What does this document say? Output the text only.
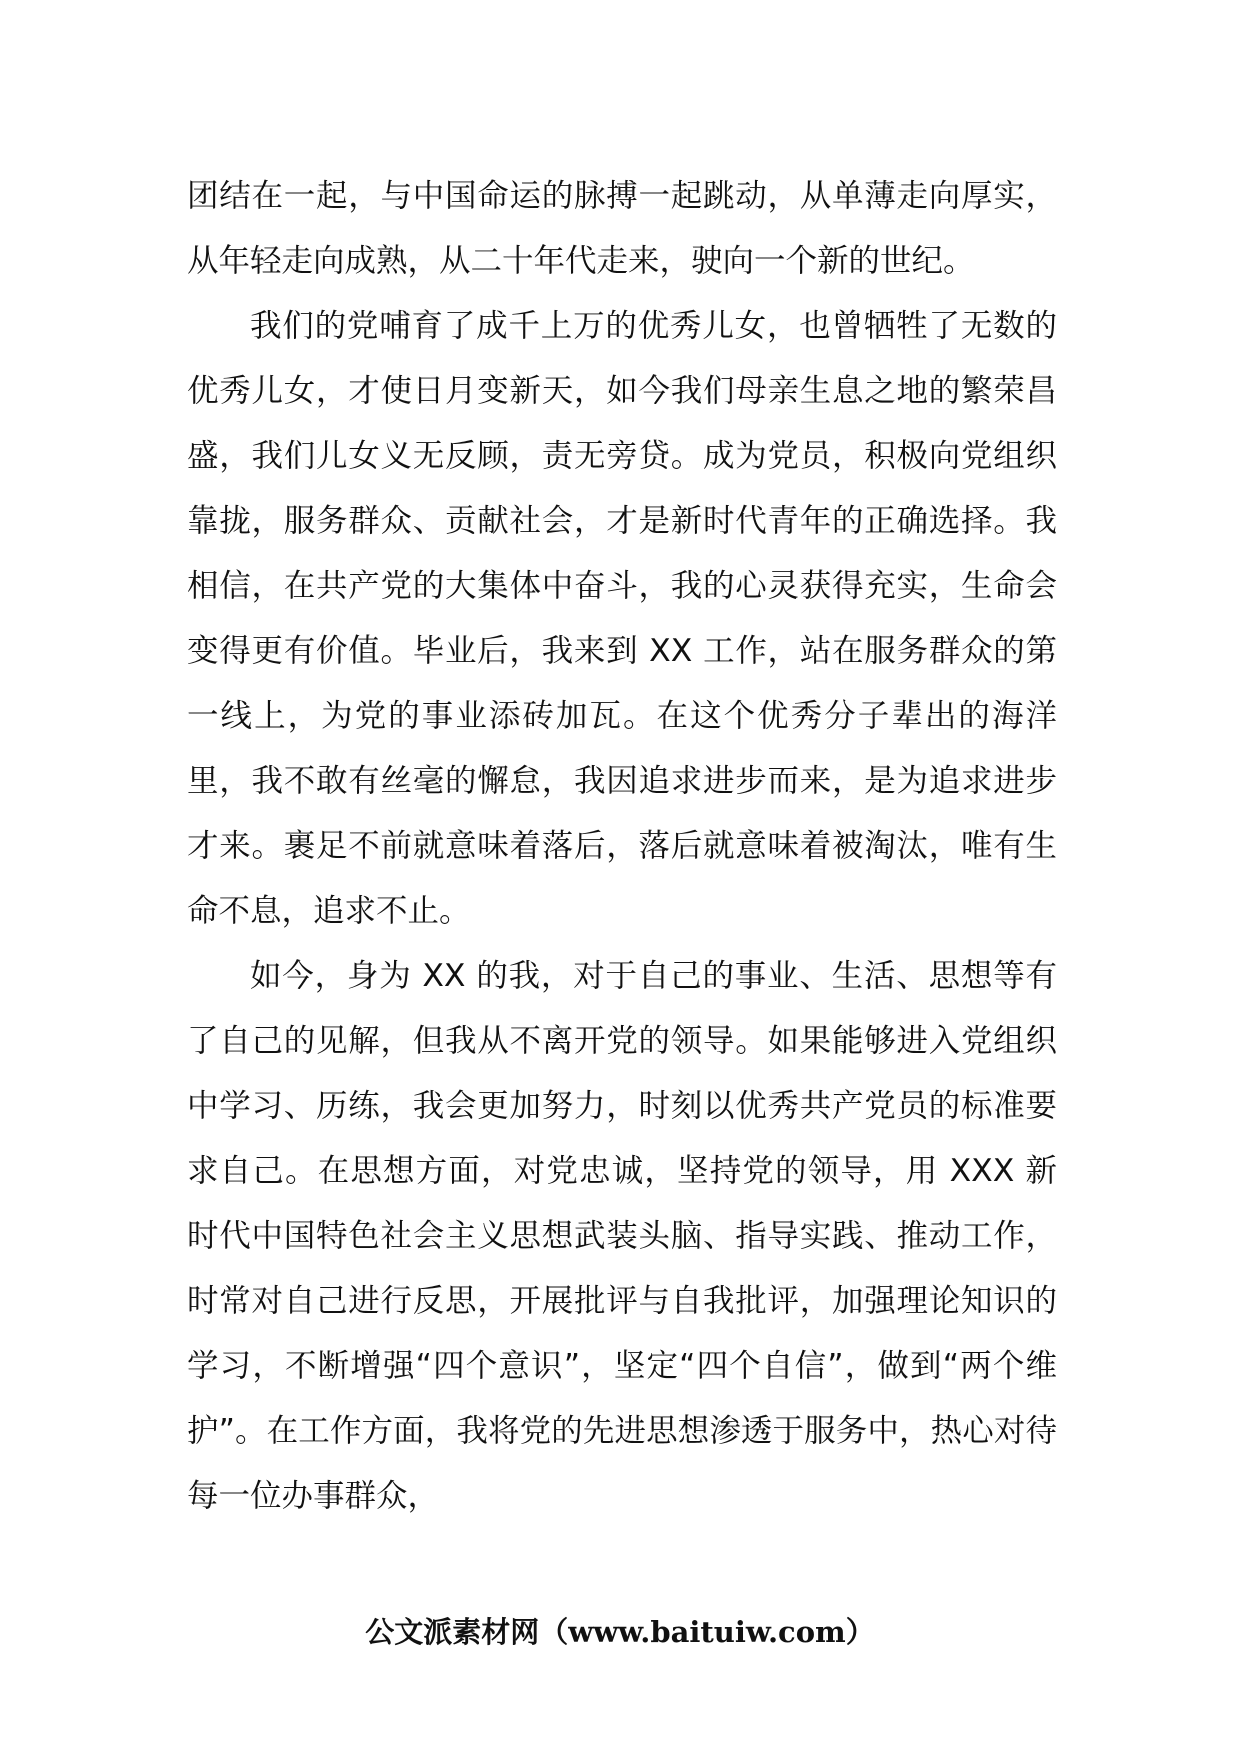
团结在一起，与中国命运的脉搏一起跳动，从单薄走向厚实，从年轻走向成熟，从二十年代走来，驶向一个新的世纪。

我们的党哺育了成千上万的优秀儿女，也曾牺牲了无数的优秀儿女，才使日月变新天，如今我们母亲生息之地的繁荣昌盛，我们儿女义无反顾，责无旁贷。成为党员，积极向党组织靠拢，服务群众、贡献社会，才是新时代青年的正确选择。我相信，在共产党的大集体中奋斗，我的心灵获得充实，生命会变得更有价值。毕业后，我来到 XX 工作，站在服务群众的第一线上，为党的事业添砖加瓦。在这个优秀分子辈出的海洋里，我不敢有丝毫的懈怠，我因追求进步而来，是为追求进步才来。裹足不前就意味着落后，落后就意味着被淘汰，唯有生命不息，追求不止。

如今，身为 XX 的我，对于自己的事业、生活、思想等有了自己的见解，但我从不离开党的领导。如果能够进入党组织中学习、历练，我会更加努力，时刻以优秀共产党员的标准要求自己。在思想方面，对党忠诚，坚持党的领导，用 XXX 新时代中国特色社会主义思想武装头脑、指导实践、推动工作，时常对自己进行反思，开展批评与自我批评，加强理论知识的学习，不断增强“四个意识”，坚定“四个自信”，做到“两个维护”。在工作方面，我将党的先进思想渗透于服务中，热心对待每一位办事群众，

公文派素材网（www.baituiw.com）
